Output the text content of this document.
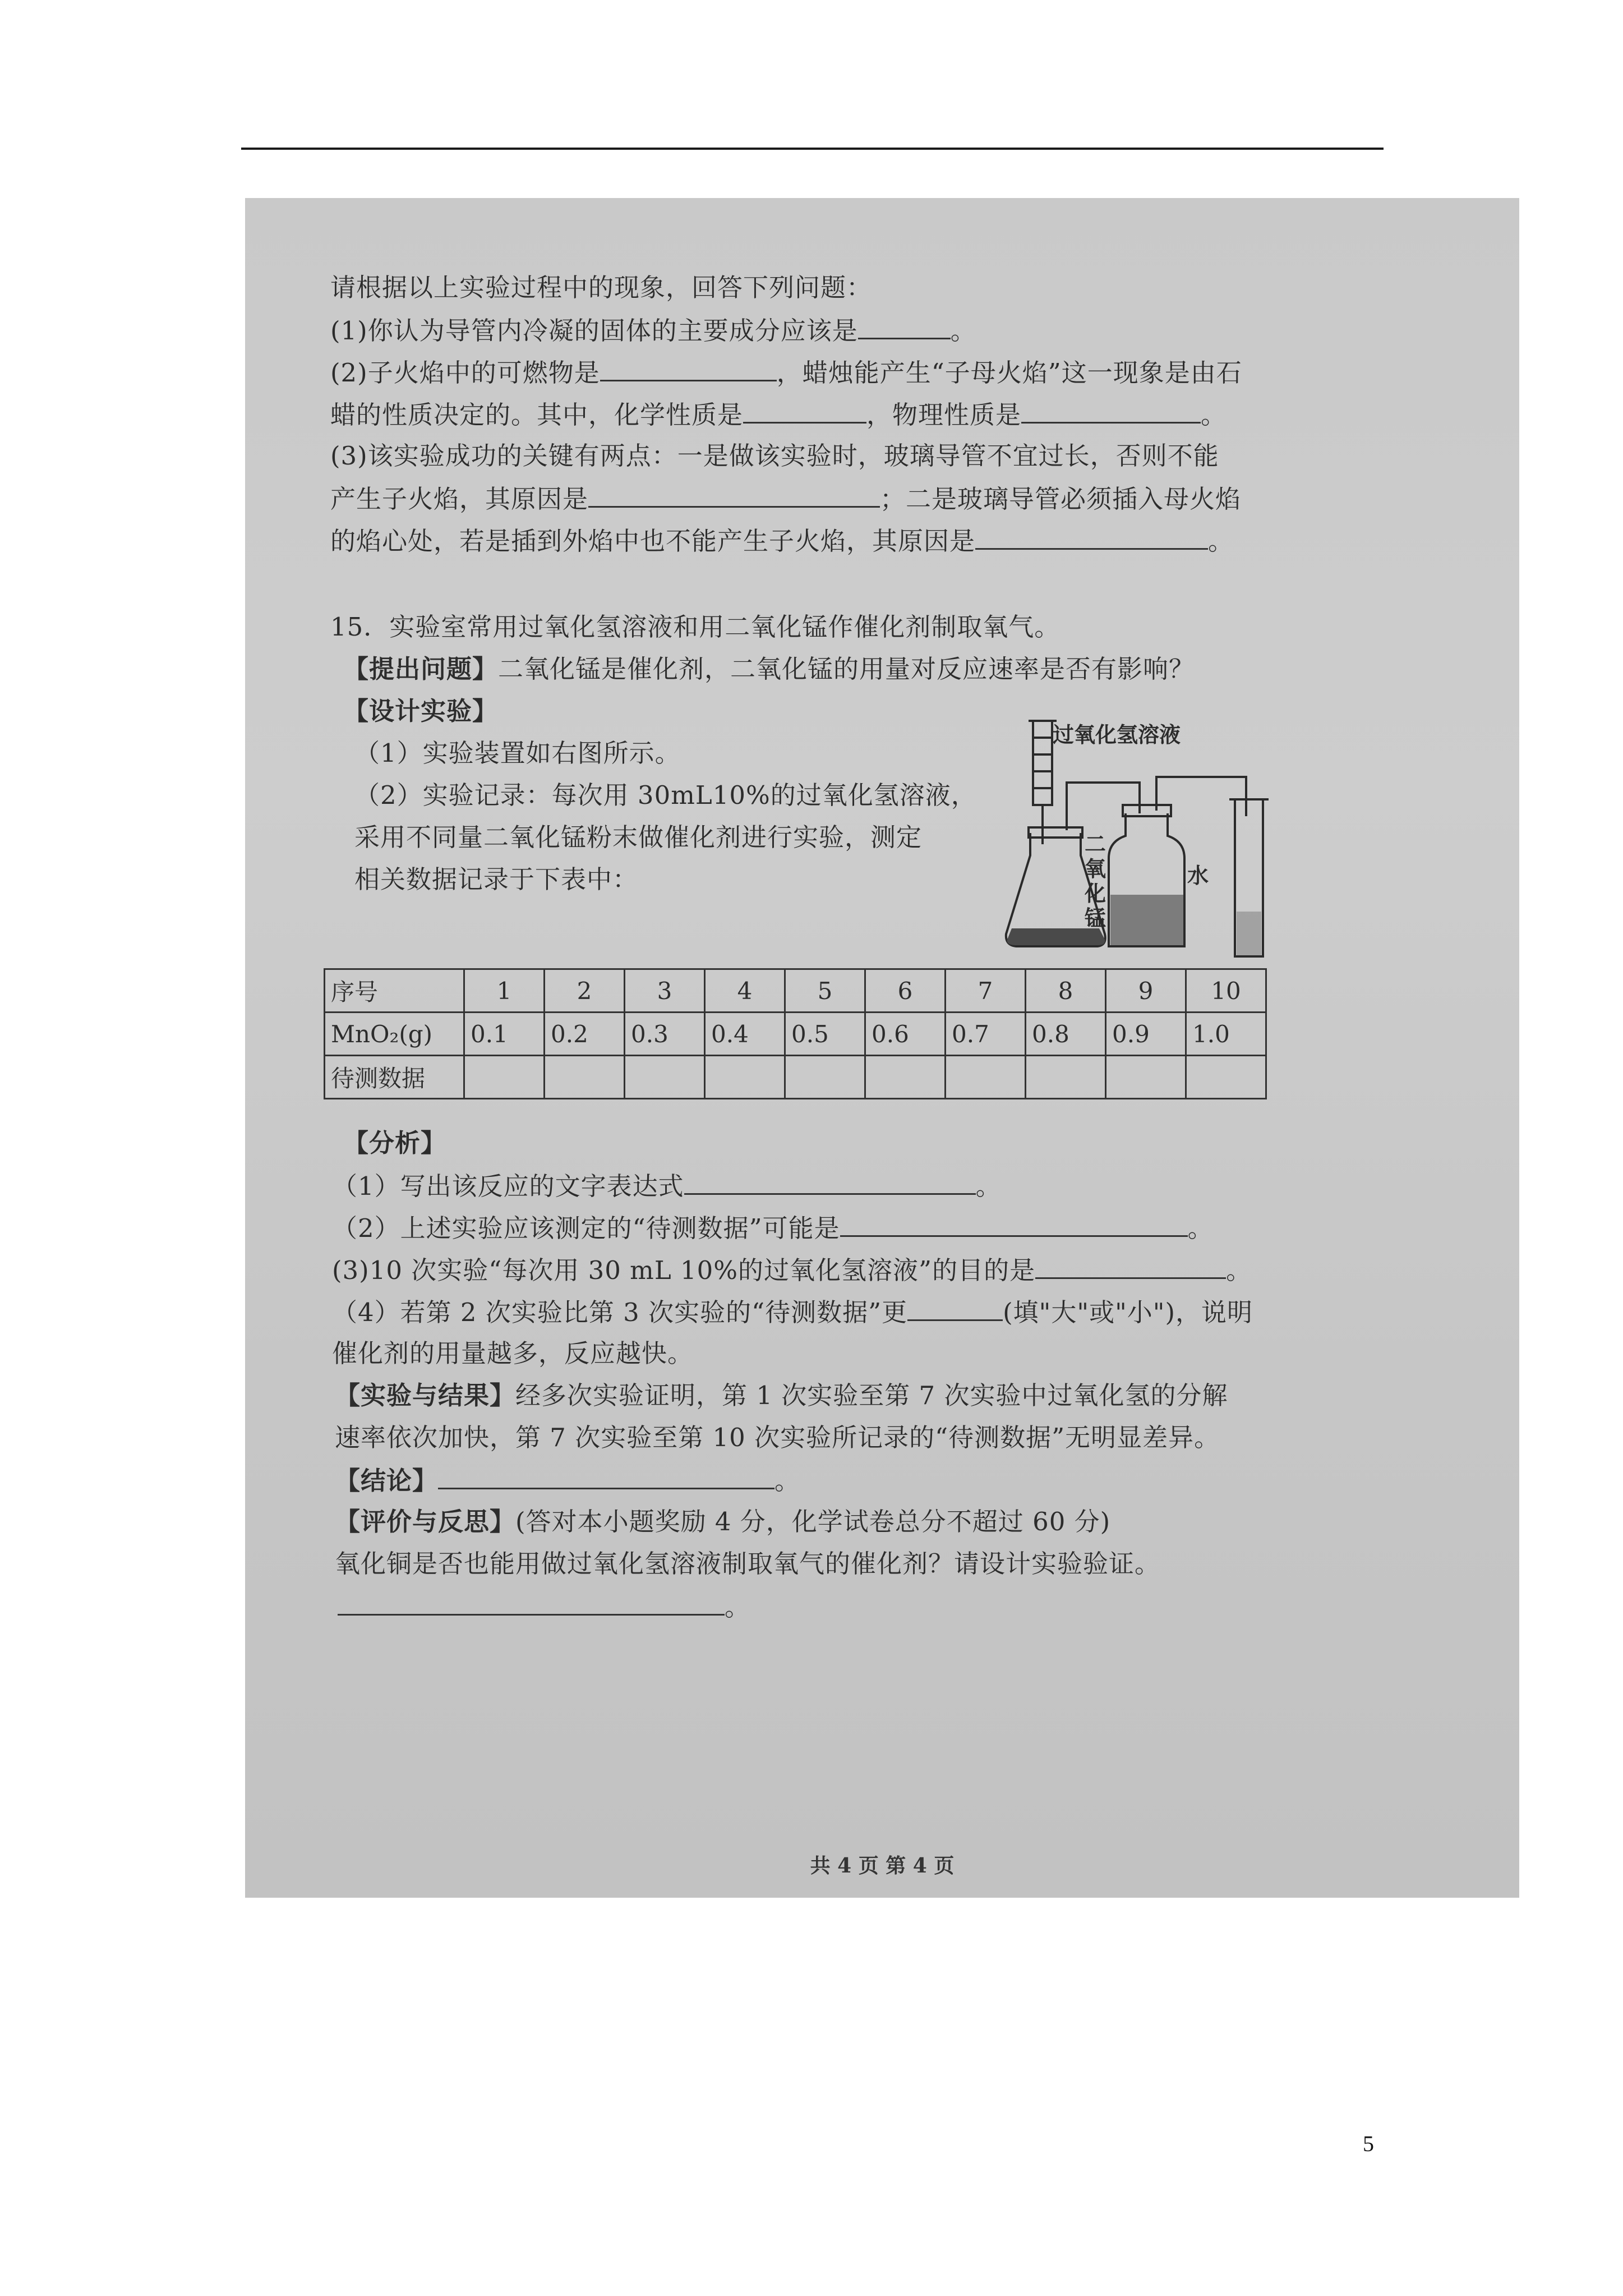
请根据以上实验过程中的现象，回答下列问题：
(1)你认为导管内冷凝的固体的主要成分应该是	。
(2)子火焰中的可燃物是	，蜡烛能产生“子母火焰”这一现象是由石
蜡的性质决定的。其中，化学性质是	，物理性质是	。
(3)该实验成功的关键有两点：一是做该实验时，玻璃导管不宜过长，否则不能
产生子火焰，其原因是	；二是玻璃导管必须插入母火焰
的焰心处，若是插到外焰中也不能产生子火焰，其原因是	。
15．实验室常用过氧化氢溶液和用二氧化锰作催化剂制取氧气。
【提出问题】二氧化锰是催化剂，二氧化锰的用量对反应速率是否有影响？
【设计实验】
（1）实验装置如右图所示。
（2）实验记录：每次用 30mL10%的过氧化氢溶液，
采用不同量二氧化锰粉末做催化剂进行实验，测定
相关数据记录于下表中：
过氧化氢溶液
二氧化锰
水
序号	1	2	3	4	5	6	7	8	9	10
MnO₂(g)	0.1	0.2	0.3	0.4	0.5	0.6	0.7	0.8	0.9	1.0
待测数据										
【分析】
（1）写出该反应的文字表达式	。
（2）上述实验应该测定的“待测数据”可能是	。
(3)10 次实验“每次用 30 mL 10%的过氧化氢溶液”的目的是	。
（4）若第 2 次实验比第 3 次实验的“待测数据”更	(填"大"或"小")，说明
催化剂的用量越多，反应越快。
【实验与结果】经多次实验证明，第 1 次实验至第 7 次实验中过氧化氢的分解
速率依次加快，第 7 次实验至第 10 次实验所记录的“待测数据”无明显差异。
【结论】	。
【评价与反思】(答对本小题奖励 4 分，化学试卷总分不超过 60 分)
氧化铜是否也能用做过氧化氢溶液制取氧气的催化剂？请设计实验验证。
。
共 4 页 第 4 页
5
